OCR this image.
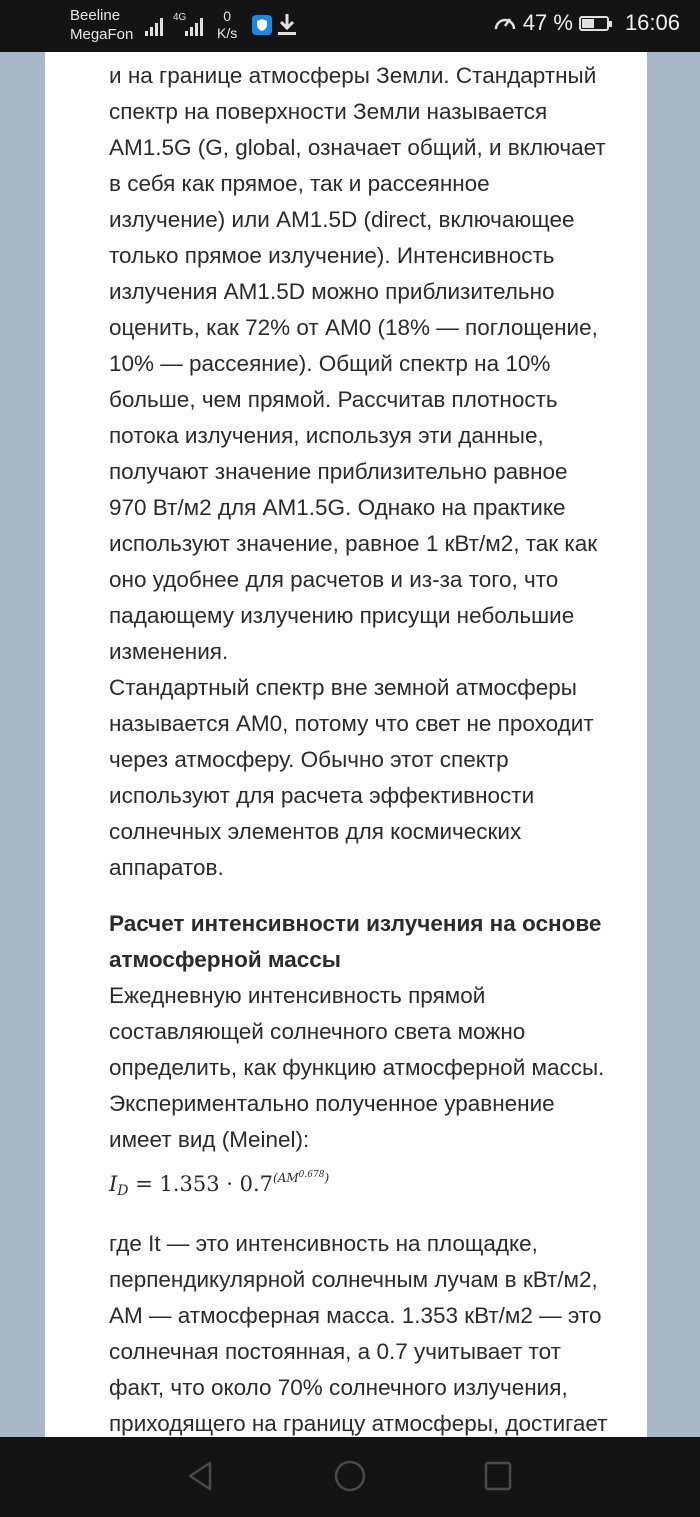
Beeline
MegaFon
4G	0
K/s	47 % 16:06
и на границе атмосферы Земли. Стандартный
спектр на поверхности Земли называется
AM1.5G (G, global, означает общий, и включает
в себя как прямое, так и рассеянное
излучение) или AM1.5D (direct, включающее
только прямое излучение). Интенсивность
излучения AM1.5D можно приблизительно
оценить, как 72% от AM0 (18% — поглощение,
10% — рассеяние). Общий спектр на 10%
больше, чем прямой. Рассчитав плотность
потока излучения, используя эти данные,
получают значение приблизительно равное
970 Вт/м2 для AM1.5G. Однако на практике
используют значение, равное 1 кВт/м2, так как
оно удобнее для расчетов и из-за того, что
падающему излучению присущи небольшие
изменения.
Стандартный спектр вне земной атмосферы
называется AM0, потому что свет не проходит
через атмосферу. Обычно этот спектр
используют для расчета эффективности
солнечных элементов для космических
аппаратов.
Расчет интенсивности излучения на основе
атмосферной массы
Ежедневную интенсивность прямой
составляющей солнечного света можно
определить, как функцию атмосферной массы.
Экспериментально полученное уравнение
имеет вид (Meinel):
$I_D = 1.353 \cdot 0.7^{(AM^{0.678})}$
где It — это интенсивность на площадке,
перпендикулярной солнечным лучам в кВт/м2,
AM — атмосферная масса. 1.353 кВт/м2 — это
солнечная постоянная, а 0.7 учитывает тот
факт, что около 70% солнечного излучения,
приходящего на границу атмосферы, достигает
